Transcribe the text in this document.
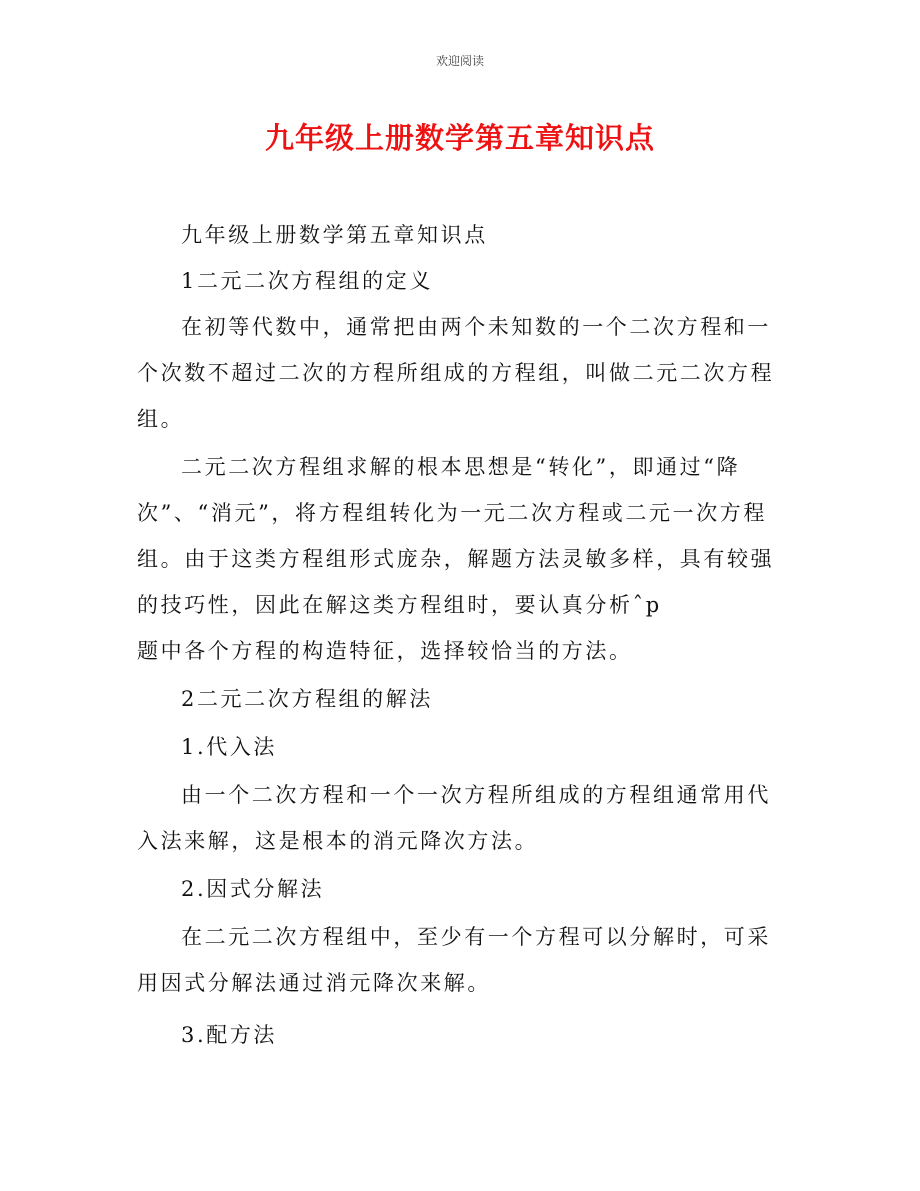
欢迎阅读
九年级上册数学第五章知识点

九年级上册数学第五章知识点

1二元二次方程组的定义

在初等代数中，通常把由两个未知数的一个二次方程和一个次数不超过二次的方程所组成的方程组，叫做二元二次方程组。

二元二次方程组求解的根本思想是“转化”，即通过“降次”、“消元”，将方程组转化为一元二次方程或二元一次方程组。由于这类方程组形式庞杂，解题方法灵敏多样，具有较强的技巧性，因此在解这类方程组时，要认真分析ˆp

题中各个方程的构造特征，选择较恰当的方法。

2二元二次方程组的解法

1.代入法

由一个二次方程和一个一次方程所组成的方程组通常用代入法来解，这是根本的消元降次方法。

2.因式分解法

在二元二次方程组中，至少有一个方程可以分解时，可采用因式分解法通过消元降次来解。

3.配方法
